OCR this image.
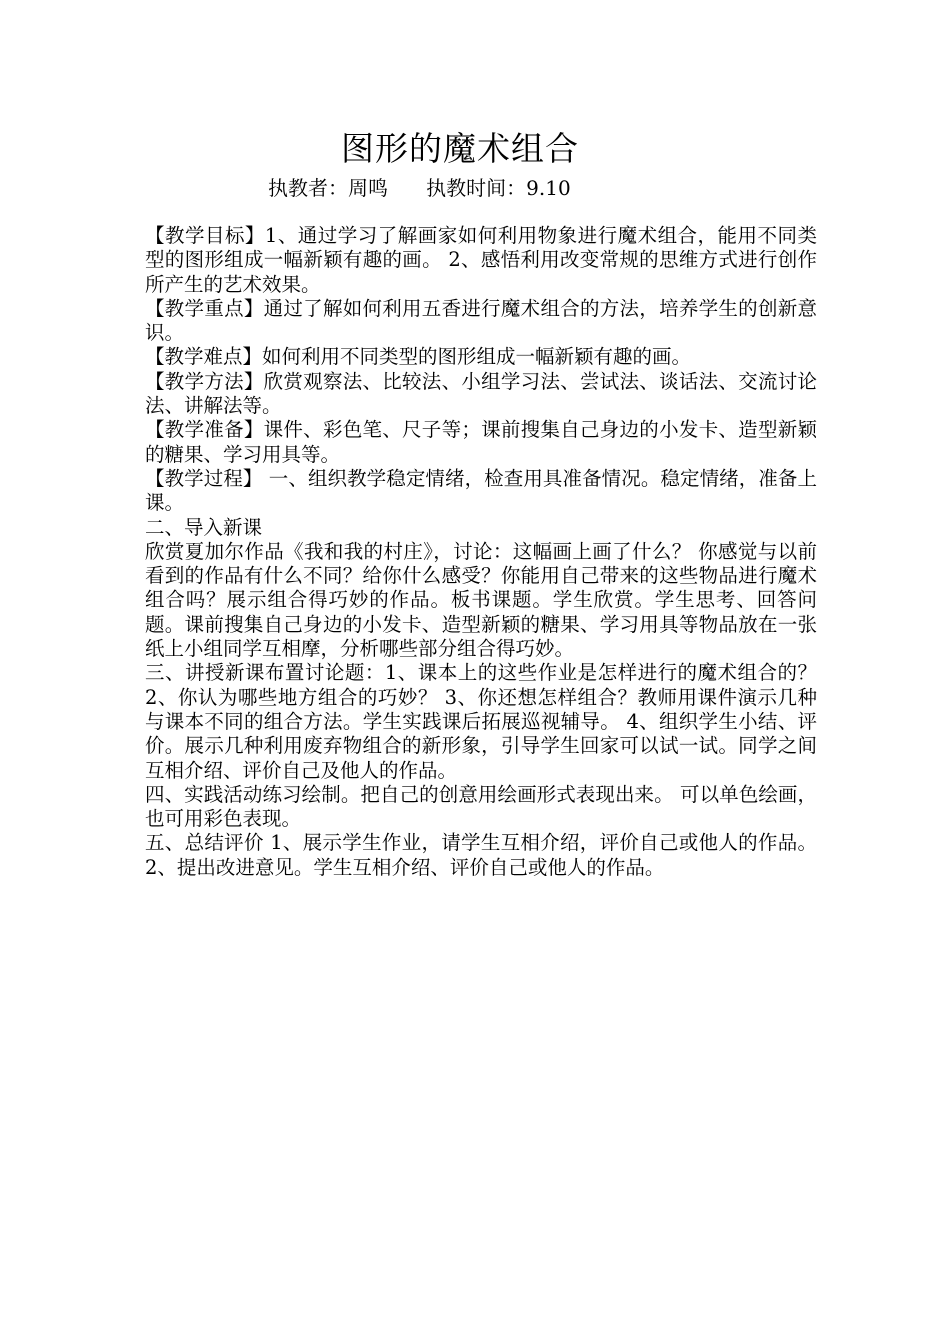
图形的魔术组合
执教者：周鸣      执教时间：9.10

【教学目标】1、通过学习了解画家如何利用物象进行魔术组合，能用不同类型的图形组成一幅新颖有趣的画。 2、感悟利用改变常规的思维方式进行创作所产生的艺术效果。

【教学重点】通过了解如何利用五香进行魔术组合的方法，培养学生的创新意识。

【教学难点】如何利用不同类型的图形组成一幅新颖有趣的画。

【教学方法】欣赏观察法、比较法、小组学习法、尝试法、谈话法、交流讨论法、讲解法等。

【教学准备】课件、彩色笔、尺子等；课前搜集自己身边的小发卡、造型新颖的糖果、学习用具等。

【教学过程】 一、组织教学稳定情绪，检查用具准备情况。稳定情绪，准备上课。

二、导入新课

欣赏夏加尔作品《我和我的村庄》，讨论：这幅画上画了什么？ 你感觉与以前看到的作品有什么不同？给你什么感受？你能用自己带来的这些物品进行魔术组合吗？展示组合得巧妙的作品。板书课题。学生欣赏。学生思考、回答问题。课前搜集自己身边的小发卡、造型新颖的糖果、学习用具等物品放在一张纸上小组同学互相摩，分析哪些部分组合得巧妙。

三、讲授新课布置讨论题：1、课本上的这些作业是怎样进行的魔术组合的？ 2、你认为哪些地方组合的巧妙？ 3、你还想怎样组合？教师用课件演示几种与课本不同的组合方法。学生实践课后拓展巡视辅导。 4、组织学生小结、评价。展示几种利用废弃物组合的新形象，引导学生回家可以试一试。同学之间互相介绍、评价自己及他人的作品。

四、实践活动练习绘制。把自己的创意用绘画形式表现出来。 可以单色绘画，也可用彩色表现。

五、总结评价 1、展示学生作业，请学生互相介绍，评价自己或他人的作品。 2、提出改进意见。学生互相介绍、评价自己或他人的作品。
